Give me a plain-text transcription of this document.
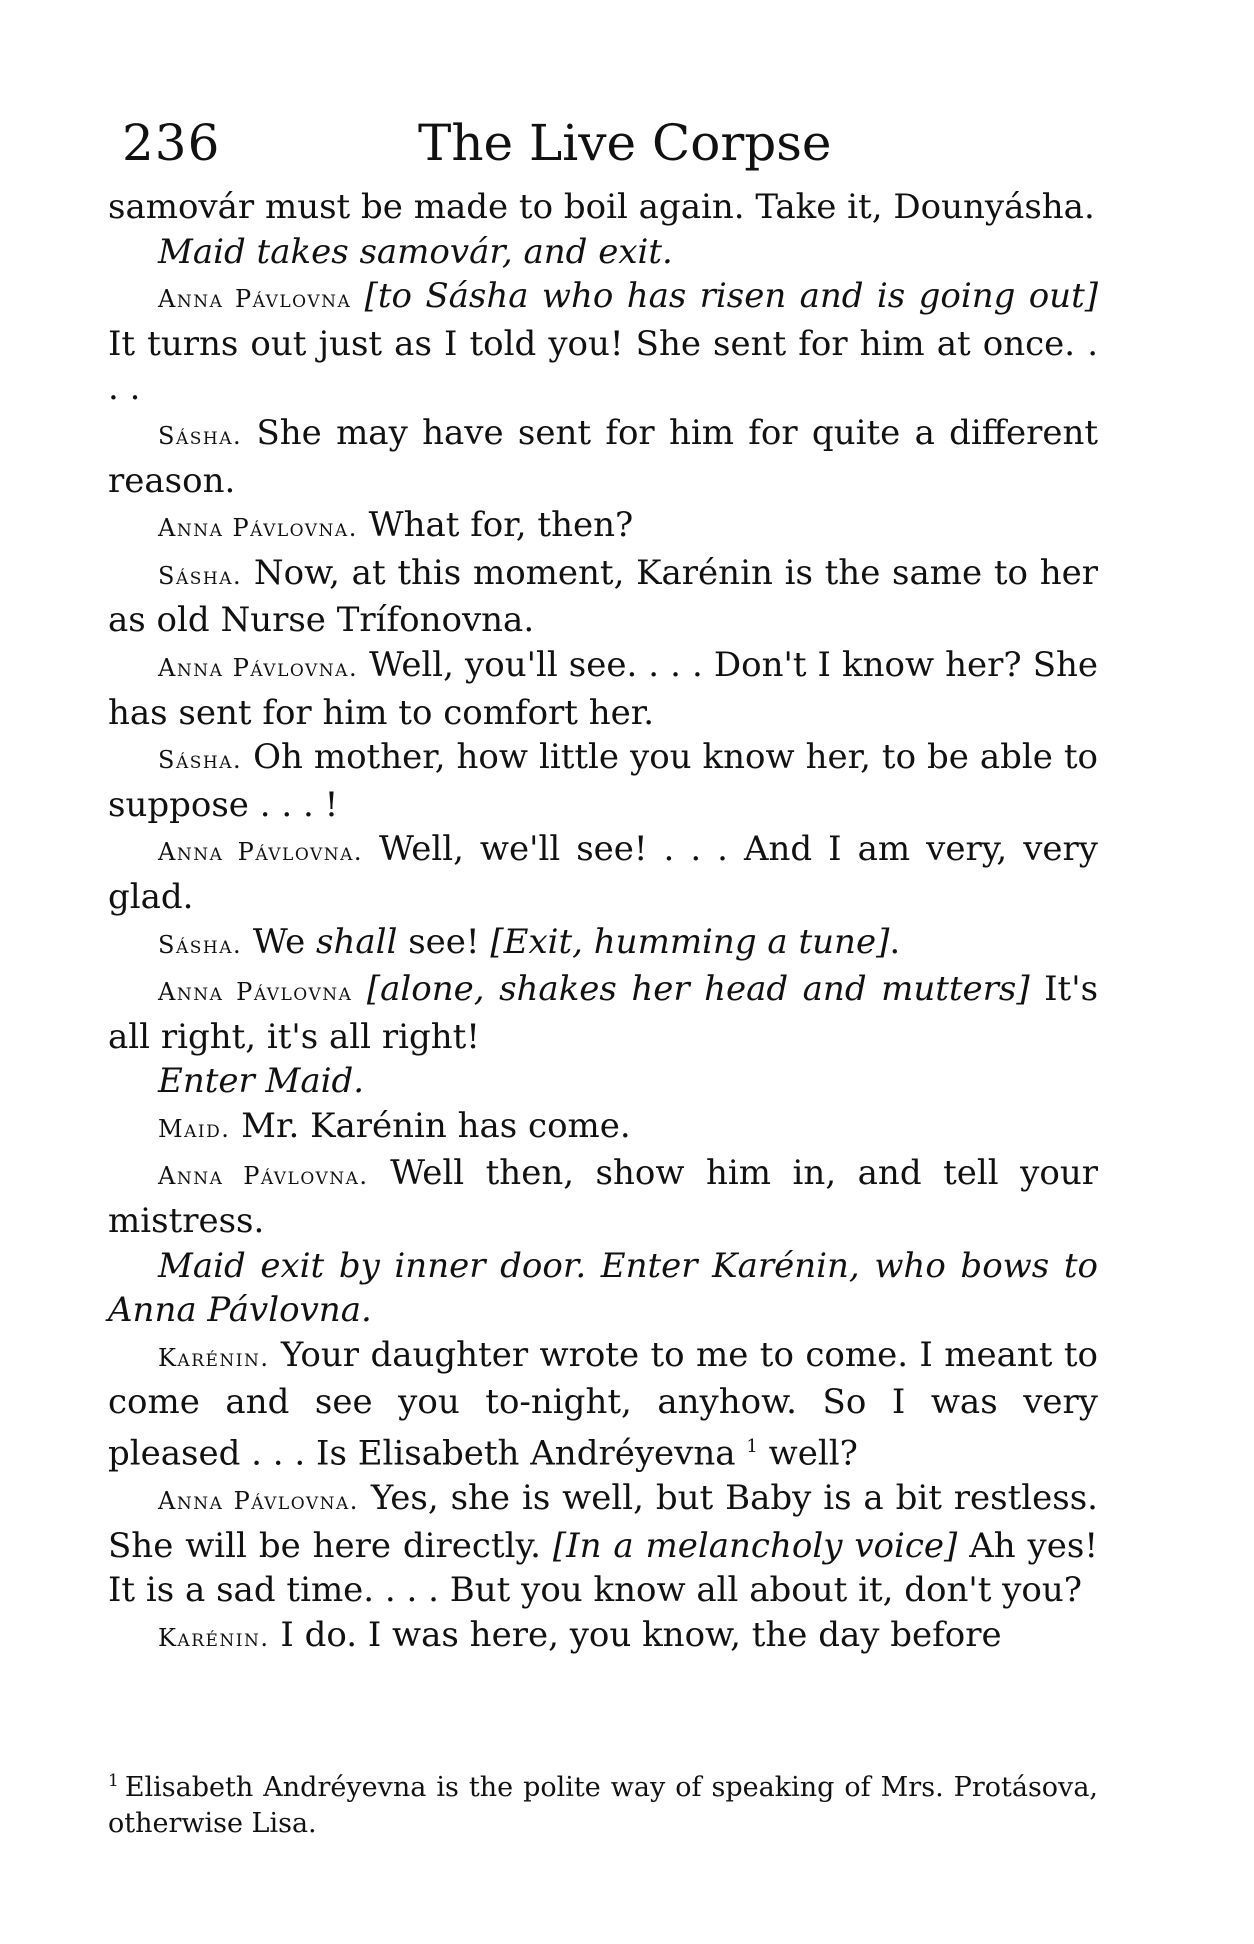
236	The Live Corpse

samovár must be made to boil again. Take it, Dounyásha.

Maid takes samovár, and exit.

Anna Pávlovna [to Sásha who has risen and is going out] It turns out just as I told you! She sent for him at once. . . .

Sásha. She may have sent for him for quite a different reason.

Anna Pávlovna. What for, then?

Sásha. Now, at this moment, Karénin is the same to her as old Nurse Trífonovna.

Anna Pávlovna. Well, you'll see. . . . Don't I know her? She has sent for him to comfort her.

Sásha. Oh mother, how little you know her, to be able to suppose . . . !

Anna Pávlovna. Well, we'll see! . . . And I am very, very glad.

Sásha. We shall see! [Exit, humming a tune].

Anna Pávlovna [alone, shakes her head and mutters] It's all right, it's all right!

Enter Maid.

Maid. Mr. Karénin has come.

Anna Pávlovna. Well then, show him in, and tell your mistress.

Maid exit by inner door. Enter Karénin, who bows to Anna Pávlovna.

Karénin. Your daughter wrote to me to come. I meant to come and see you to-night, anyhow. So I was very pleased . . . Is Elisabeth Andréyevna $^1$ well?

Anna Pávlovna. Yes, she is well, but Baby is a bit restless. She will be here directly. [In a melancholy voice] Ah yes! It is a sad time. . . . But you know all about it, don't you?

Karénin. I do. I was here, you know, the day before

$^1$ Elisabeth Andréyevna is the polite way of speaking of Mrs. Protásova, otherwise Lisa.
